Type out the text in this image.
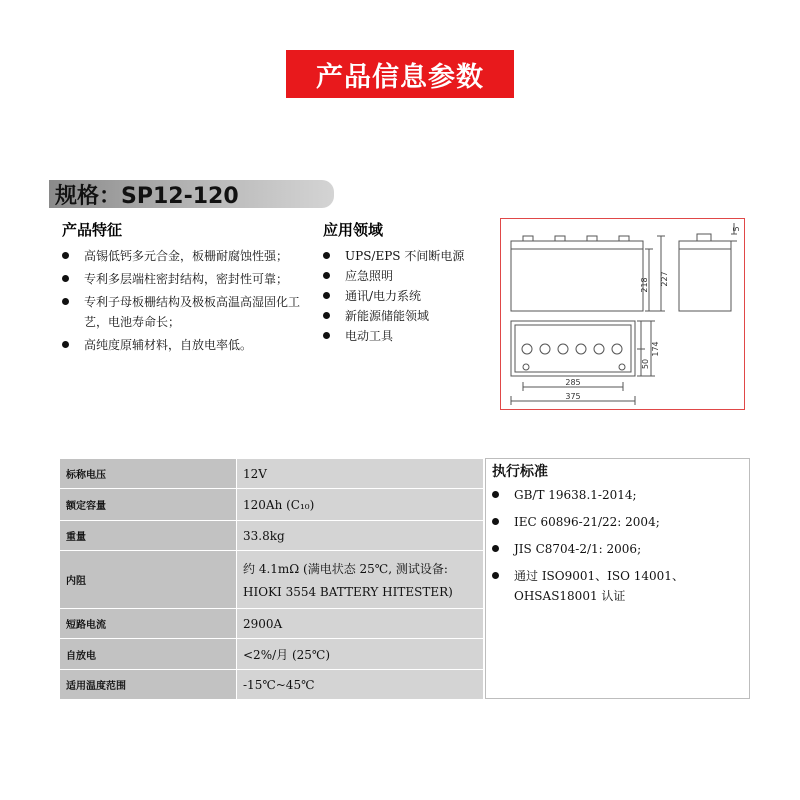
产品信息参数
规格：SP12-120
产品特征
高锡低钙多元合金，板栅耐腐蚀性强；
专利多层端柱密封结构，密封性可靠；
专利子母板栅结构及极板高温高湿固化工艺，电池寿命长；
高纯度原辅材料，自放电率低。
应用领域
UPS/EPS 不间断电源
应急照明
通讯/电力系统
新能源储能领域
电动工具
218 227
5
50
174
285
375
标称电压	12V
额定容量	120Ah (C₁₀)
重量	33.8kg
内阻	约 4.1mΩ (满电状态 25℃, 测试设备:
HIOKI 3554 BATTERY HITESTER)

短路电流	2900A
自放电	<2%/月 (25℃)
适用温度范围	-15℃~45℃
执行标准
GB/T 19638.1-2014;
IEC 60896-21/22: 2004;
JIS C8704-2/1: 2006;
通过 ISO9001、ISO 14001、OHSAS18001 认证
